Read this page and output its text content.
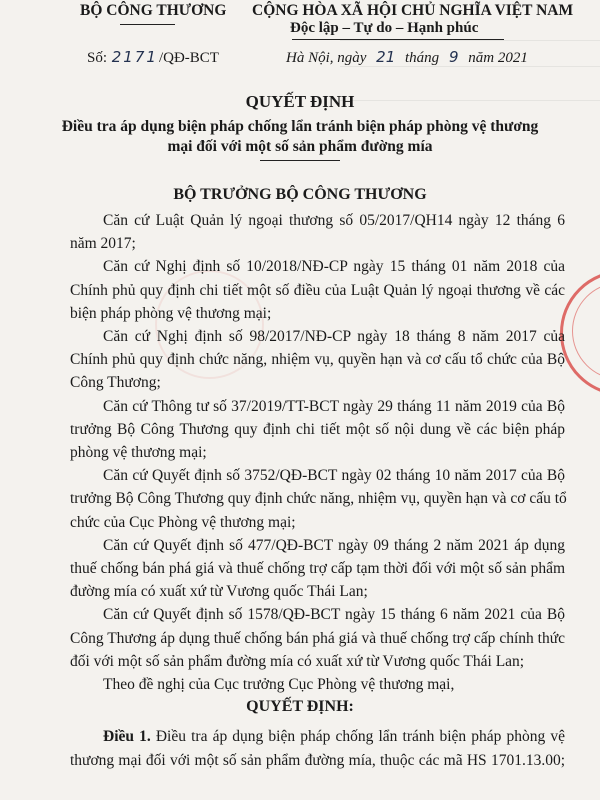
BỘ CÔNG THƯƠNG CỘNG HÒA XÃ HỘI CHỦ NGHĨA VIỆT NAM
Độc lập – Tự do – Hạnh phúc
Số: 2171/QĐ-BCT	Hà Nội, ngày 21 tháng 9 năm 2021
QUYẾT ĐỊNH
Điều tra áp dụng biện pháp chống lẩn tránh biện pháp phòng vệ thương
mại đối với một số sản phẩm đường mía
BỘ TRƯỞNG BỘ CÔNG THƯƠNG
Căn cứ Luật Quản lý ngoại thương số 05/2017/QH14 ngày 12 tháng 6
năm 2017;
Căn cứ Nghị định số 10/2018/NĐ-CP ngày 15 tháng 01 năm 2018 của
Chính phủ quy định chi tiết một số điều của Luật Quản lý ngoại thương về các
biện pháp phòng vệ thương mại;
Căn cứ Nghị định số 98/2017/NĐ-CP ngày 18 tháng 8 năm 2017 của
Chính phủ quy định chức năng, nhiệm vụ, quyền hạn và cơ cấu tổ chức của Bộ
Công Thương;
Căn cứ Thông tư số 37/2019/TT-BCT ngày 29 tháng 11 năm 2019 của Bộ
trưởng Bộ Công Thương quy định chi tiết một số nội dung về các biện pháp
phòng vệ thương mại;
Căn cứ Quyết định số 3752/QĐ-BCT ngày 02 tháng 10 năm 2017 của Bộ
trưởng Bộ Công Thương quy định chức năng, nhiệm vụ, quyền hạn và cơ cấu tổ
chức của Cục Phòng vệ thương mại;
Căn cứ Quyết định số 477/QĐ-BCT ngày 09 tháng 2 năm 2021 áp dụng
thuế chống bán phá giá và thuế chống trợ cấp tạm thời đối với một số sản phẩm
đường mía có xuất xứ từ Vương quốc Thái Lan;
Căn cứ Quyết định số 1578/QĐ-BCT ngày 15 tháng 6 năm 2021 của Bộ
Công Thương áp dụng thuế chống bán phá giá và thuế chống trợ cấp chính thức
đối với một số sản phẩm đường mía có xuất xứ từ Vương quốc Thái Lan;
Theo đề nghị của Cục trưởng Cục Phòng vệ thương mại,
QUYẾT ĐỊNH:
Điều 1. Điều tra áp dụng biện pháp chống lẩn tránh biện pháp phòng vệ
thương mại đối với một số sản phẩm đường mía, thuộc các mã HS 1701.13.00;
